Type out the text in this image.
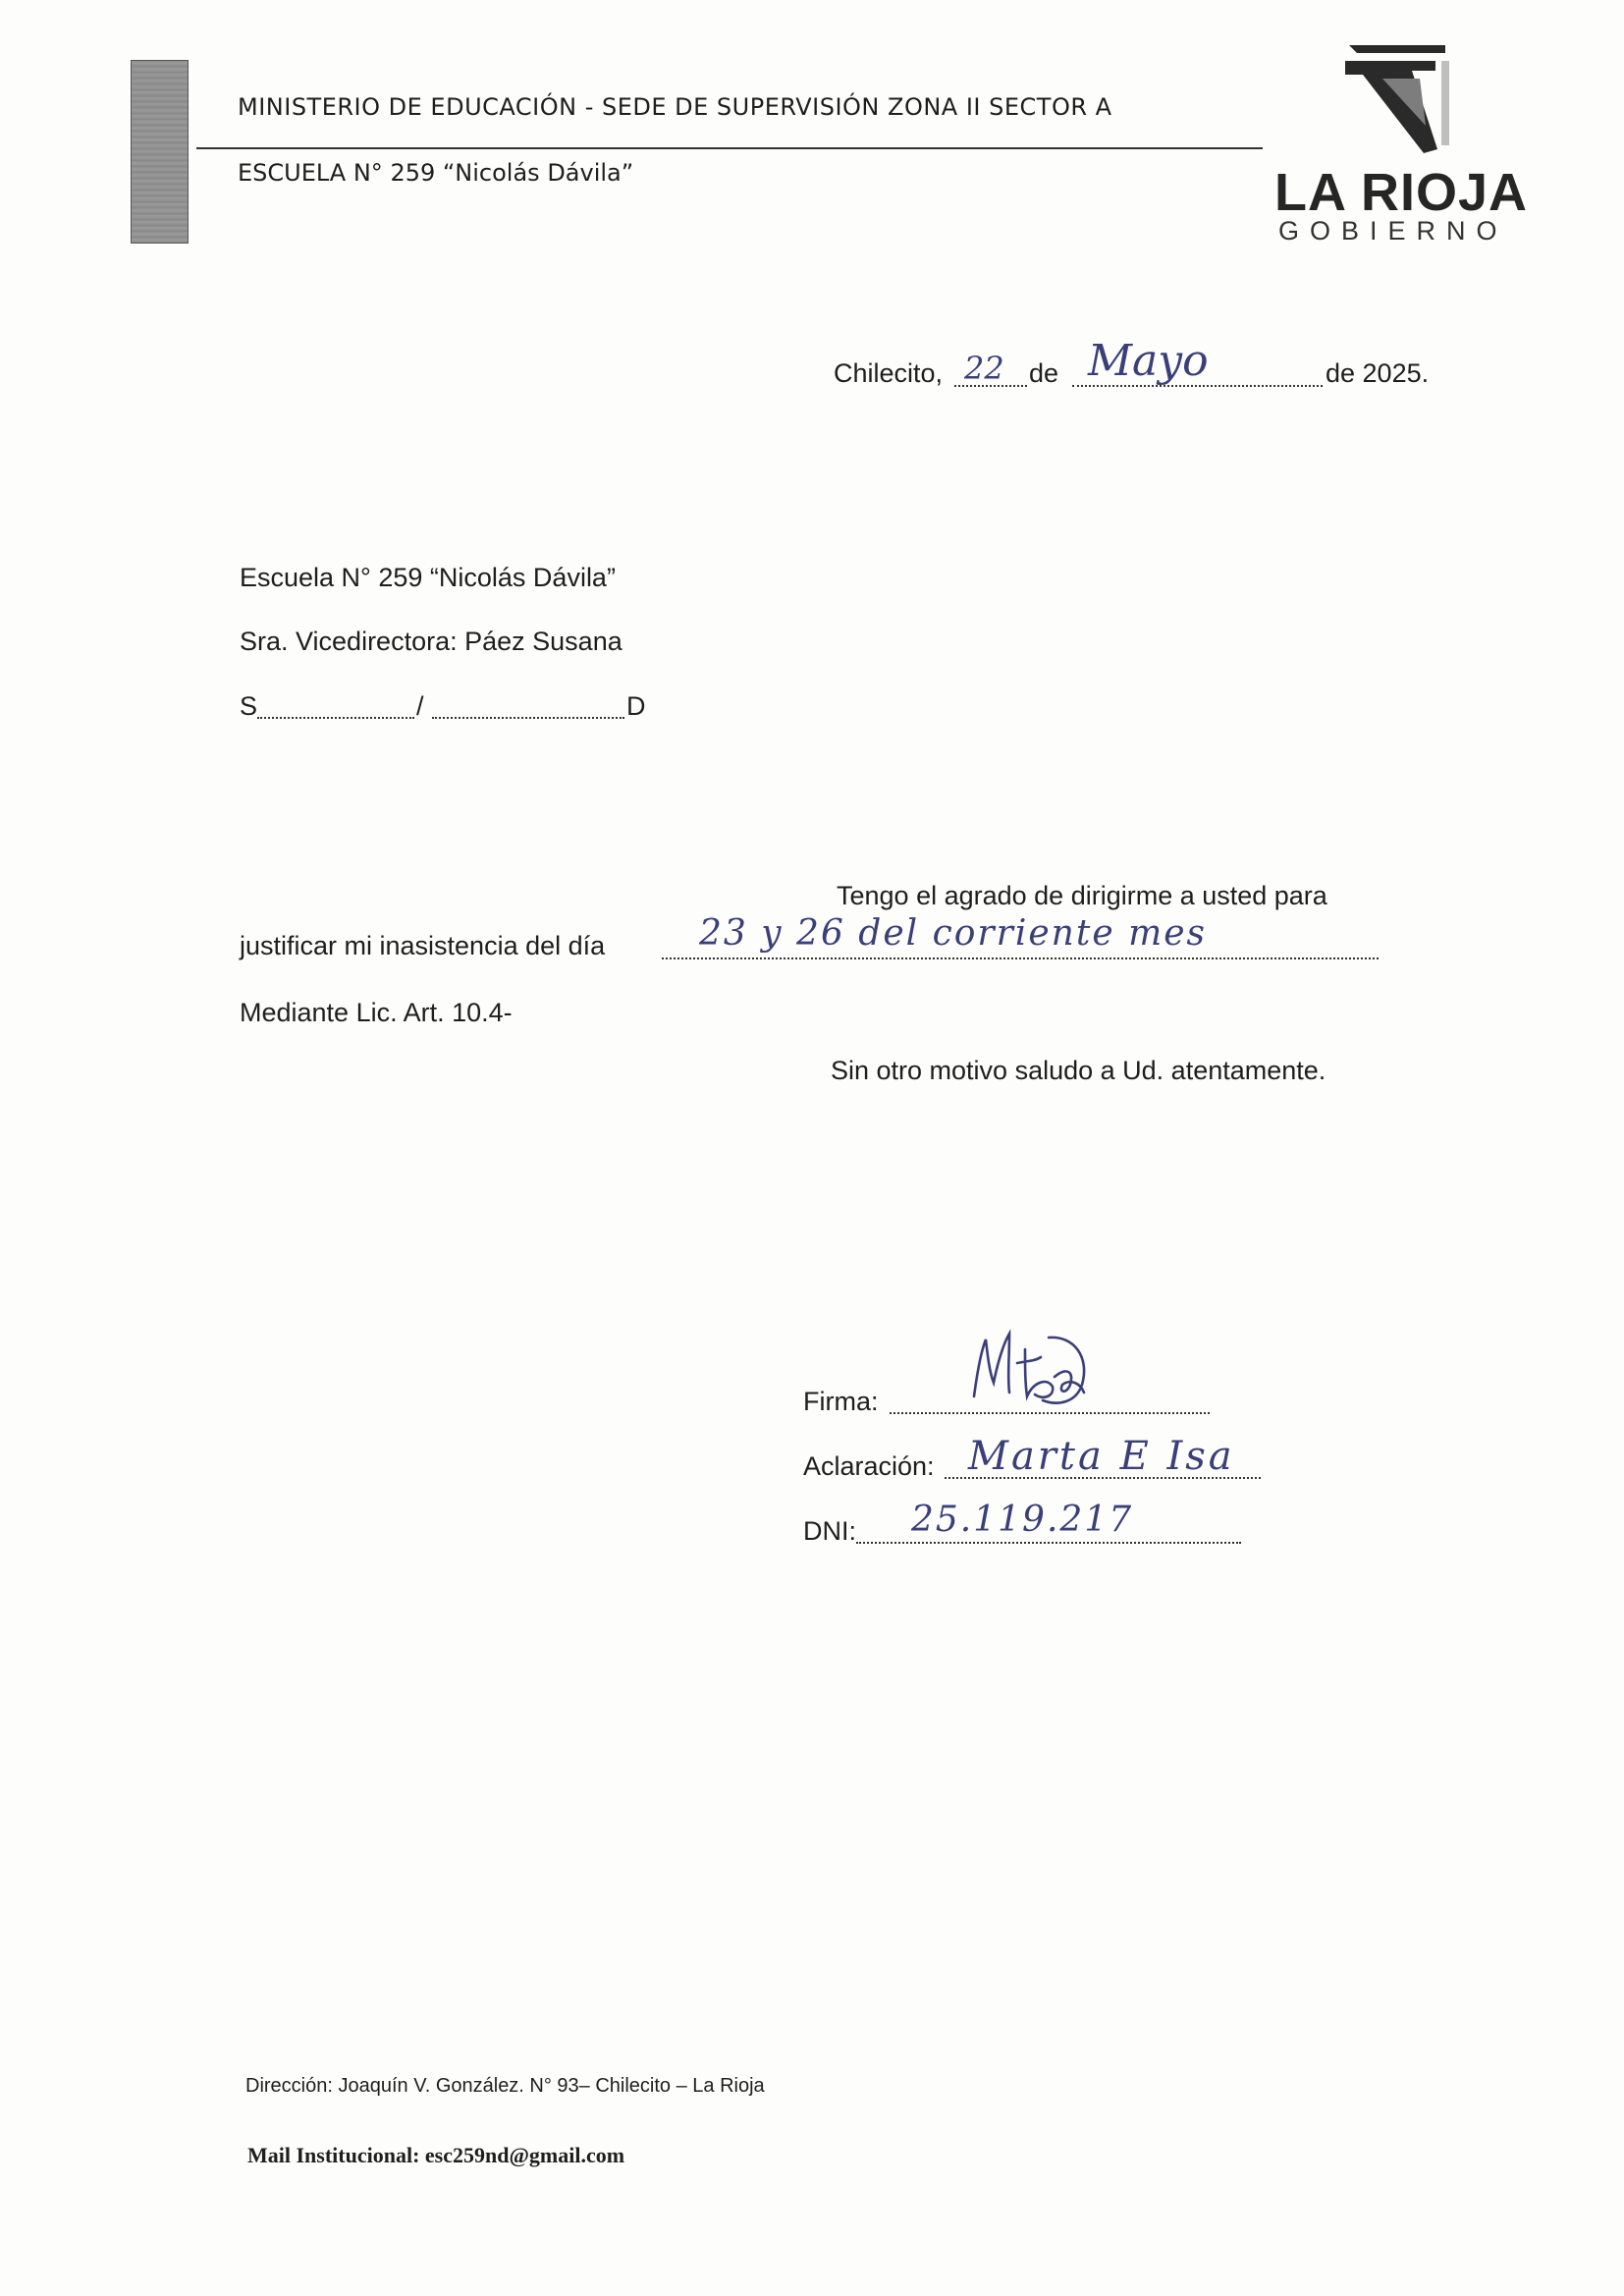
MINISTERIO DE EDUCACIÓN - SEDE DE SUPERVISIÓN ZONA II SECTOR A
ESCUELA N° 259 “Nicolás Dávila”	LA RIOJA
GOBIERNO
Chilecito, 22 de Mayo	de 2025.
Escuela N° 259 “Nicolás Dávila”
Sra. Vicedirectora: Páez Susana
S	/	D
Tengo el agrado de dirigirme a usted para
justificar mi inasistencia del día	23 y 26 del corriente mes
Mediante Lic. Art. 10.4-
Sin otro motivo saludo a Ud. atentamente.
Firma:
Aclaración: Marta E Isa
DNI: 25.119.217
Dirección: Joaquín V. González. N° 93– Chilecito – La Rioja
Mail Institucional: esc259nd@gmail.com
